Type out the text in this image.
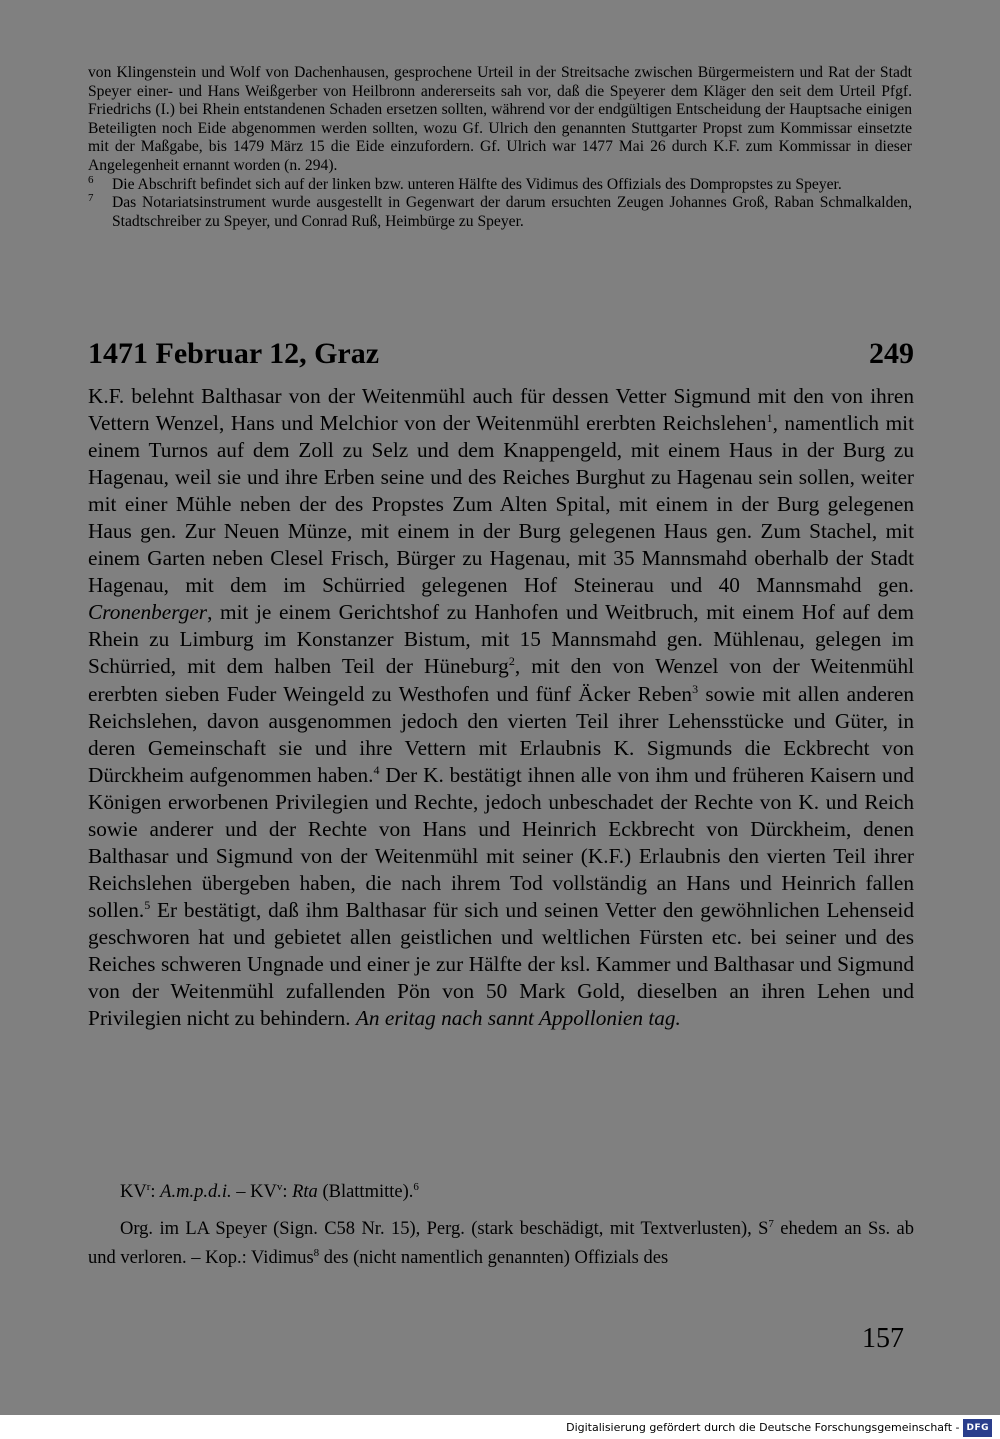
von Klingenstein und Wolf von Dachenhausen, gesprochene Urteil in der Streitsache zwischen Bürgermeistern und Rat der Stadt Speyer einer- und Hans Weißgerber von Heilbronn andererseits sah vor, daß die Speyerer dem Kläger den seit dem Urteil Pfgf. Friedrichs (I.) bei Rhein entstandenen Schaden ersetzen sollten, während vor der endgültigen Entscheidung der Hauptsache einigen Beteiligten noch Eide abgenommen werden sollten, wozu Gf. Ulrich den genannten Stuttgarter Propst zum Kommissar einsetzte mit der Maßgabe, bis 1479 März 15 die Eide einzufordern. Gf. Ulrich war 1477 Mai 26 durch K.F. zum Kommissar in dieser Angelegenheit ernannt worden (n. 294).
6 Die Abschrift befindet sich auf der linken bzw. unteren Hälfte des Vidimus des Offizials des Dompropstes zu Speyer.
7 Das Notariatsinstrument wurde ausgestellt in Gegenwart der darum ersuchten Zeugen Johannes Groß, Raban Schmalkalden, Stadtschreiber zu Speyer, und Conrad Ruß, Heimbürge zu Speyer.
1471 Februar 12, Graz	249

K.F. belehnt Balthasar von der Weitenmühl auch für dessen Vetter Sigmund mit den von ihren Vettern Wenzel, Hans und Melchior von der Weitenmühl ererbten Reichslehen$^1$, namentlich mit einem Turnos auf dem Zoll zu Selz und dem Knappengeld, mit einem Haus in der Burg zu Hagenau, weil sie und ihre Erben seine und des Reiches Burghut zu Hagenau sein sollen, weiter mit einer Mühle neben der des Propstes Zum Alten Spital, mit einem in der Burg gelegenen Haus gen. Zur Neuen Münze, mit einem in der Burg gelegenen Haus gen. Zum Stachel, mit einem Garten neben Clesel Frisch, Bürger zu Hagenau, mit 35 Mannsmahd oberhalb der Stadt Hagenau, mit dem im Schürried gelegenen Hof Steinerau und 40 Mannsmahd gen. Cronenberger, mit je einem Gerichtshof zu Hanhofen und Weitbruch, mit einem Hof auf dem Rhein zu Limburg im Konstanzer Bistum, mit 15 Mannsmahd gen. Mühlenau, gelegen im Schürried, mit dem halben Teil der Hüneburg$^2$, mit den von Wenzel von der Weitenmühl ererbten sieben Fuder Weingeld zu Westhofen und fünf Äcker Reben$^3$ sowie mit allen anderen Reichslehen, davon ausgenommen jedoch den vierten Teil ihrer Lehensstücke und Güter, in deren Gemeinschaft sie und ihre Vettern mit Erlaubnis K. Sigmunds die Eckbrecht von Dürckheim aufgenommen haben.$^4$ Der K. bestätigt ihnen alle von ihm und früheren Kaisern und Königen erworbenen Privilegien und Rechte, jedoch unbeschadet der Rechte von K. und Reich sowie anderer und der Rechte von Hans und Heinrich Eckbrecht von Dürckheim, denen Balthasar und Sigmund von der Weitenmühl mit seiner (K.F.) Erlaubnis den vierten Teil ihrer Reichslehen übergeben haben, die nach ihrem Tod vollständig an Hans und Heinrich fallen sollen.$^5$ Er bestätigt, daß ihm Balthasar für sich und seinen Vetter den gewöhnlichen Lehenseid geschworen hat und gebietet allen geistlichen und weltlichen Fürsten etc. bei seiner und des Reiches schweren Ungnade und einer je zur Hälfte der ksl. Kammer und Balthasar und Sigmund von der Weitenmühl zufallenden Pön von 50 Mark Gold, dieselben an ihren Lehen und Privilegien nicht zu behindern. An eritag nach sannt Appollonien tag.

$KV^r$: A.m.p.d.i. – $KV^v$: Rta (Blattmitte).$^6$
Org. im LA Speyer (Sign. C58 Nr. 15), Perg. (stark beschädigt, mit Textverlusten), $S^7$ ehedem an Ss. ab und verloren. – Kop.: Vidimus$^8$ des (nicht namentlich genannten) Offizials des
157
Digitalisierung gefördert durch die Deutsche Forschungsgemeinschaft - DFG
